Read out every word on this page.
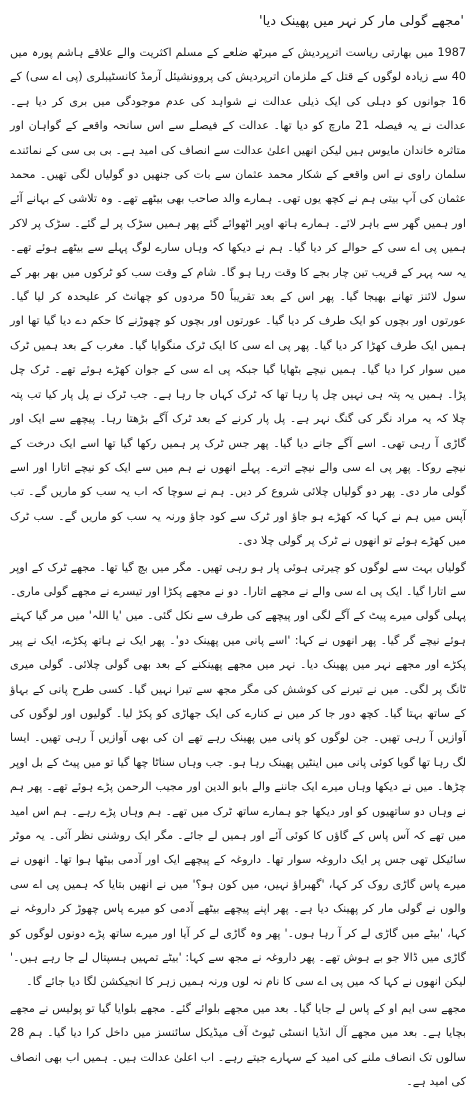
'مجھے گولی مار کر نہر میں پھینک دیا'

1987 میں بھارتی ریاست اترپردیش کے میرٹھ ضلعے کے مسلم اکثریت والے علاقے ہاشم پورہ میں 40 سے زیادہ لوگوں کے قتل کے ملزمان اترپردیش کی پروونشیئل آرمڈ کانسٹیبلری (پی اے سی) کے 16 جوانوں کو دہلی کی ایک ذیلی عدالت نے شواہد کی عدم موجودگی میں بری کر دیا ہے۔ عدالت نے یہ فیصلہ 21 مارچ کو دیا تھا۔ عدالت کے فیصلے سے اس سانحہ واقعے کے گواہان اور متاثرہ خاندان مایوس ہیں لیکن انھیں اعلیٰ عدالت سے انصاف کی امید ہے۔ بی بی سی کے نمائندے سلمان راوی نے اس واقعے کے شکار محمد عثمان سے بات کی جنھیں دو گولیاں لگی تھیں۔ محمد عثمان کی آپ بیتی ہم نے کچھ یوں تھی۔ ہمارے والد صاحب بھی بیٹھے تھے۔ وہ تلاشی کے بہانے آئے اور ہمیں گھر سے باہر لائے۔ ہمارے ہاتھ اوپر اٹھوائے گئے پھر ہمیں سڑک پر لے گئے۔ سڑک پر لاکر ہمیں پی اے سی کے حوالے کر دیا گیا۔ ہم نے دیکھا کہ وہاں سارے لوگ پہلے سے بیٹھے ہوئے تھے۔ یہ سہ پہر کے قریب تین چار بجے کا وقت رہا ہو گا۔ شام کے وقت سب کو ٹرکوں میں بھر بھر کے سول لائنز تھانے بھیجا گیا۔ پھر اس کے بعد تقریباً 50 مردوں کو چھانٹ کر علیحدہ کر لیا گیا۔ عورتوں اور بچوں کو ایک طرف کر دیا گیا۔ عورتوں اور بچوں کو چھوڑنے کا حکم دے دیا گیا تھا اور ہمیں ایک طرف کھڑا کر دیا گیا۔ پھر پی اے سی کا ایک ٹرک منگوایا گیا۔ مغرب کے بعد ہمیں ٹرک میں سوار کرا دیا گیا۔ ہمیں نیچے بٹھایا گیا جبکہ پی اے سی کے جوان کھڑے ہوئے تھے۔ ٹرک چل پڑا۔ ہمیں یہ پتہ ہی نہیں چل پا رہا تھا کہ ٹرک کہاں جا رہا ہے۔ جب ٹرک نے پل پار کیا تب پتہ چلا کہ یہ مراد نگر کی گنگ نہر ہے۔ پل پار کرنے کے بعد ٹرک آگے بڑھتا رہا۔ پیچھے سے ایک اور گاڑی آ رہی تھی۔ اسے آگے جانے دیا گیا۔ پھر جس ٹرک پر ہمیں رکھا گیا تھا اسے ایک درخت کے نیچے روکا۔ پھر پی اے سی والے نیچے اترے۔ پہلے انھوں نے ہم میں سے ایک کو نیچے اتارا اور اسے گولی مار دی۔ پھر دو گولیاں چلائی شروع کر دیں۔ ہم نے سوچا کہ اب یہ سب کو ماریں گے۔ تب آپس میں ہم نے کہا کہ کھڑے ہو جاؤ اور ٹرک سے کود جاؤ ورنہ یہ سب کو ماریں گے۔ سب ٹرک میں کھڑے ہوئے تو انھوں نے ٹرک پر گولی چلا دی۔

گولیاں بہت سے لوگوں کو چیرتی ہوئی پار ہو رہی تھیں۔ مگر میں بچ گیا تھا۔ مجھے ٹرک کے اوپر سے اتارا گیا۔ ایک پی اے سی والے نے مجھے اتارا۔ دو نے مجھے پکڑا اور تیسرے نے مجھے گولی ماری۔ پہلی گولی میرے پیٹ کے آگے لگی اور پیچھے کی طرف سے نکل گئی۔ میں 'یا اللہ' میں مر گیا کہتے ہوئے نیچے گر گیا۔ پھر انھوں نے کہا: 'اسے پانی میں پھینک دو'۔ پھر ایک نے ہاتھ پکڑے، ایک نے پیر پکڑے اور مجھے نہر میں پھینک دیا۔ نہر میں مجھے پھینکنے کے بعد بھی گولی چلائی۔ گولی میری ٹانگ پر لگی۔ میں نے تیرنے کی کوشش کی مگر مجھ سے تیرا نہیں گیا۔ کسی طرح پانی کے بہاؤ کے ساتھ بہتا گیا۔ کچھ دور جا کر میں نے کنارے کی ایک جھاڑی کو پکڑ لیا۔ گولیوں اور لوگوں کی آوازیں آ رہی تھیں۔ جن لوگوں کو پانی میں پھینک رہے تھے ان کی بھی آوازیں آ رہی تھیں۔ ایسا لگ رہا تھا گویا کوئی پانی میں اینٹیں پھینک رہا ہو۔ جب وہاں سناٹا چھا گیا تو میں پیٹ کے بل اوپر چڑھا۔ میں نے دیکھا وہاں میرے ایک جاننے والے بابو الدین اور مجیب الرحمن پڑے ہوئے تھے۔ پھر ہم نے وہاں دو ساتھیوں کو اور دیکھا جو ہمارے ساتھ ٹرک میں تھے۔ ہم وہاں پڑے رہے۔ ہم اس امید میں تھے کہ آس پاس کے گاؤں کا کوئی آئے اور ہمیں لے جائے۔ مگر ایک روشنی نظر آئی۔ یہ موٹر سائیکل تھی جس پر ایک داروغہ سوار تھا۔ داروغہ کے پیچھے ایک اور آدمی بیٹھا ہوا تھا۔ انھوں نے میرے پاس گاڑی روک کر کہا، 'گھبراؤ نہیں، میں کون ہو؟' میں نے انھیں بتایا کہ ہمیں پی اے سی والوں نے گولی مار کر پھینک دیا ہے۔ پھر اپنے پیچھے بیٹھے آدمی کو میرے پاس چھوڑ کر داروغہ نے کہا، 'بیٹے میں گاڑی لے کر آ رہا ہوں۔' پھر وہ گاڑی لے کر آیا اور میرے ساتھ پڑے دونوں لوگوں کو گاڑی میں ڈالا جو بے ہوش تھے۔ پھر داروغہ نے مجھ سے کہا: 'بیٹے تمہیں ہسپتال لے جا رہے ہیں۔' لیکن انھوں نے کہا کہ میں پی اے سی کا نام نہ لوں ورنہ ہمیں زہر کا انجیکشن لگا دیا جائے گا۔

مجھے سی ایم او کے پاس لے جایا گیا۔ بعد میں مجھے بلوائے گئے۔ مجھے بلوایا گیا تو پولیس نے مجھے بچایا ہے۔ بعد میں مجھے آل انڈیا انسٹی ٹیوٹ آف میڈیکل سائنسز میں داخل کرا دیا گیا۔ ہم 28 سالوں تک انصاف ملنے کی امید کے سہارے جیتے رہے۔ اب اعلیٰ عدالت ہیں۔ ہمیں اب بھی انصاف کی امید ہے۔
